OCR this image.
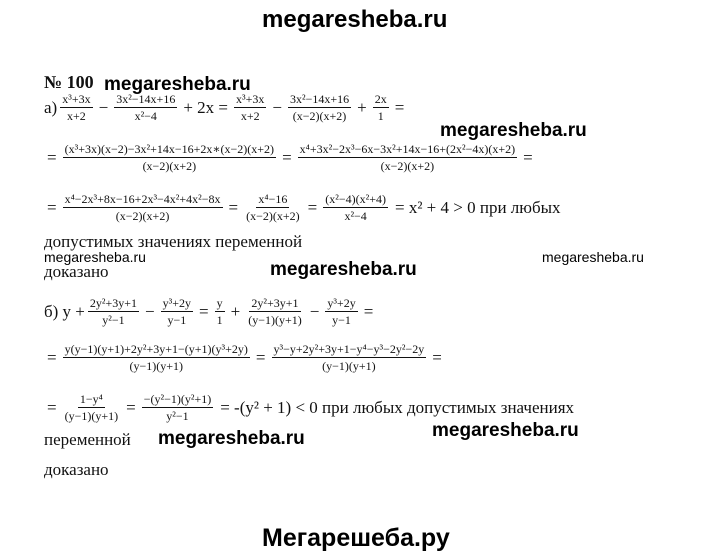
megaresheba.ru
megaresheba.ru
megaresheba.ru
megaresheba.ru
megaresheba.ru
megaresheba.ru
megaresheba.ru	megaresheba.ru
Мегарешеба.ру
№ 100
$а) \frac{\text{x³+3x}}{x+2} - \frac{\text{3x²−14x+16}}{\text{x²−4}} + 2x = \frac{\text{x³+3x}}{x+2} - \frac{\text{3x²−14x+16}}{(x-2)(x+2)} + \frac{2x}{1}$ =
= $\frac{\text{(x³+3x)(x−2)−3x²+14x−16+2x∗(x−2)(x+2)}}{(x-2)(x+2)} = \frac{\text{x⁴+3x²−2x³−6x−3x²+14x−16+(2x²−4x)(x+2)}}{(x-2)(x+2)}$ =
= $\frac{\text{x⁴−2x³+8x−16+2x³−4x²+4x²−8x}}{(x-2)(x+2)} = \frac{\text{x⁴−16}}{(x-2)(x+2)} = \frac{\text{(x²−4)(x²+4)}}{\text{x²−4}} = x^2 + 4 > 0$ при любых
допустимых значениях переменной
доказано
б) $y + \frac{\text{2y²+3y+1}}{\text{y²−1}} - \frac{\text{y³+2y}}{y-1} = \frac{y}{1} + \frac{\text{2y²+3y+1}}{(y-1)(y+1)} - \frac{\text{y³+2y}}{y-1}$ =
= $\frac{\text{y(y−1)(y+1)+2y²+3y+1−(y+1)(y³+2y)}}{(y-1)(y+1)} = \frac{\text{y³−y+2y²+3y+1−y⁴−y³−2y²−2y}}{(y-1)(y+1)}$ =
= $\frac{\text{1−y⁴}}{(y-1)(y+1)} = \frac{\text{−(y²−1)(y²+1)}}{\text{y²−1}} = -(y^2 + 1) < 0$ при любых допустимых значениях
переменной
доказано
